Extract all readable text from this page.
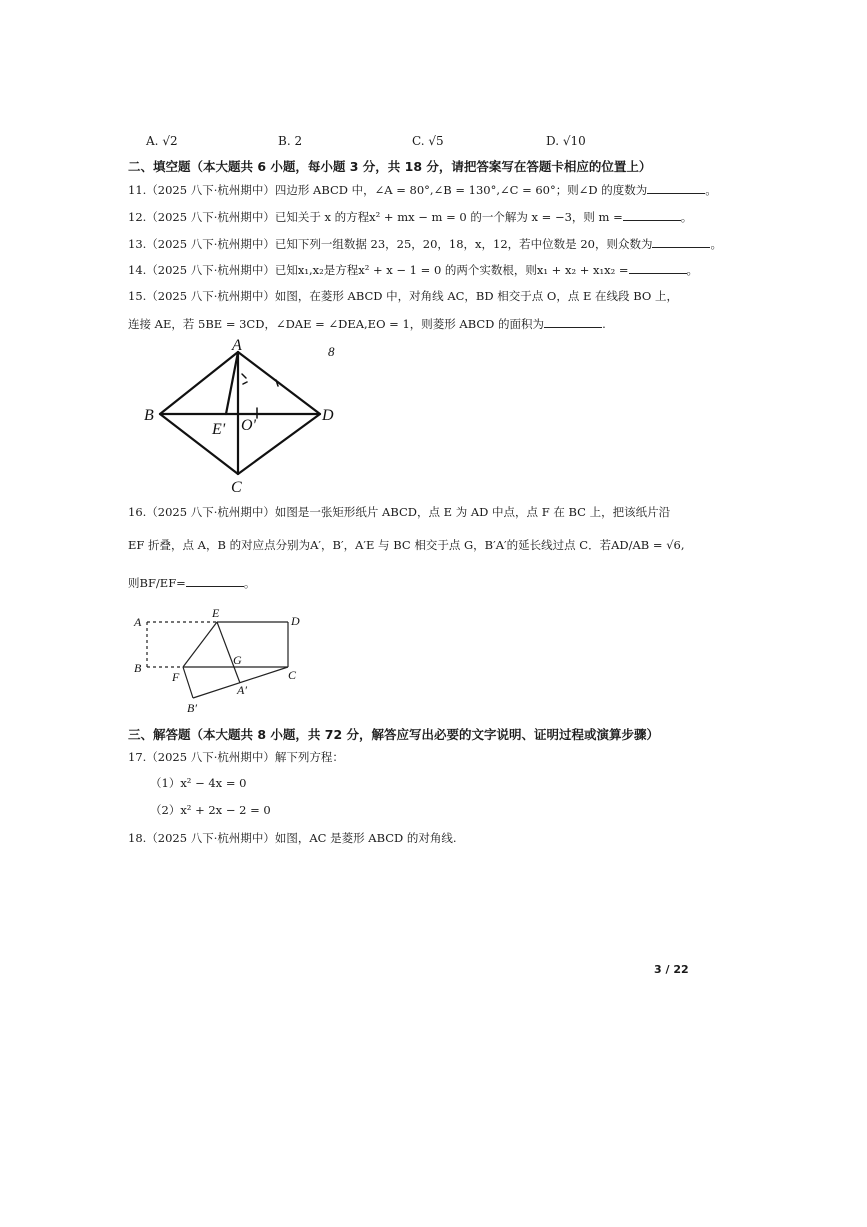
A. √2	B. 2	C. √5	D. √10
二、填空题（本大题共 6 小题，每小题 3 分，共 18 分，请把答案写在答题卡相应的位置上）
11.（2025 八下·杭州期中）四边形 ABCD 中，∠A = 80°,∠B = 130°,∠C = 60°；则∠D 的度数为	。
12.（2025 八下·杭州期中）已知关于 x 的方程x² + mx − m = 0 的一个解为 x = −3，则 m =	。
13.（2025 八下·杭州期中）已知下列一组数据 23，25，20，18，x，12，若中位数是 20，则众数为	。
14.（2025 八下·杭州期中）已知x₁,x₂是方程x² + x − 1 = 0 的两个实数根，则x₁ + x₂ + x₁x₂ =	。
15.（2025 八下·杭州期中）如图，在菱形 ABCD 中，对角线 AC，BD 相交于点 O，点 E 在线段 BO 上，
连接 AE，若 5BE = 3CD，∠DAE = ∠DEA,EO = 1，则菱形 ABCD 的面积为	.
A
B
C
D
E' O'
8
16.（2025 八下·杭州期中）如图是一张矩形纸片 ABCD，点 E 为 AD 中点，点 F 在 BC 上，把该纸片沿
EF 折叠，点 A，B 的对应点分别为A′，B′，A′E 与 BC 相交于点 G，B′A′的延长线过点 C．若AD/AB = √6,
则BF/EF=	。
A
B
E
D
G
C
F
A′
B′
三、解答题（本大题共 8 小题，共 72 分，解答应写出必要的文字说明、证明过程或演算步骤）
17.（2025 八下·杭州期中）解下列方程：
（1）x² − 4x = 0
（2）x² + 2x − 2 = 0
18.（2025 八下·杭州期中）如图，AC 是菱形 ABCD 的对角线.
3 / 22
